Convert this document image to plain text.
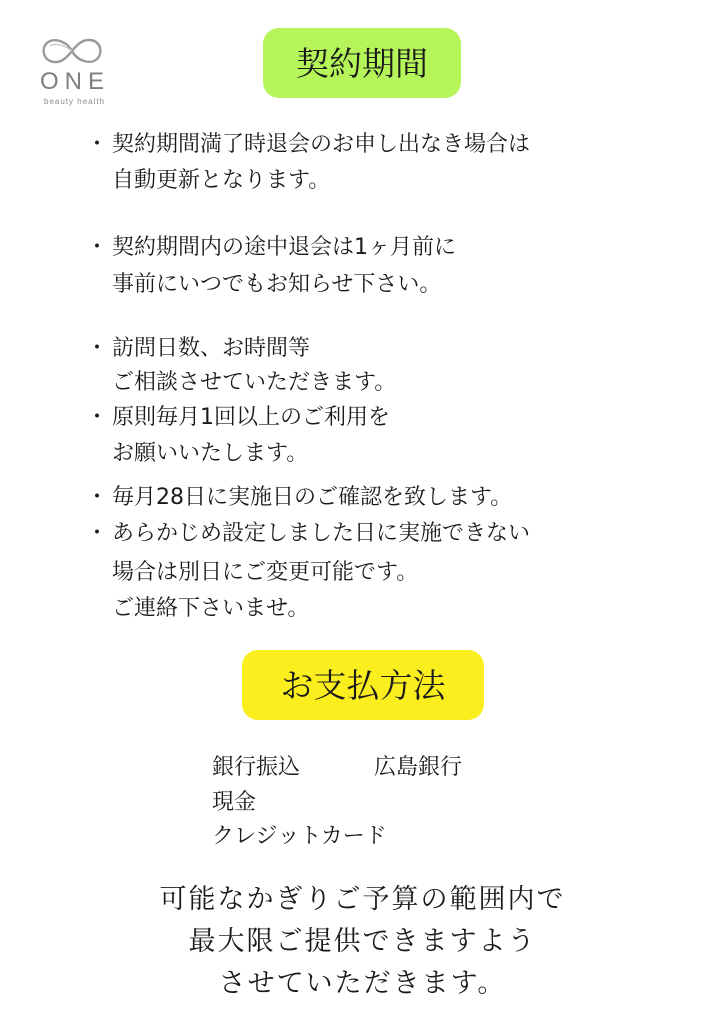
ONE
beauty health
契約期間
・ 契約期間満了時退会のお申し出なき場合は
自動更新となります。
・ 契約期間内の途中退会は1ヶ月前に
事前にいつでもお知らせ下さい。
・ 訪問日数、お時間等
ご相談させていただきます。
・ 原則毎月1回以上のご利用を
お願いいたします。
・ 毎月28日に実施日のご確認を致します。
・ あらかじめ設定しました日に実施できない
場合は別日にご変更可能です。
ご連絡下さいませ。
お支払方法
銀行振込	広島銀行
現金
クレジットカード
可能なかぎりご予算の範囲内で
最大限ご提供できますよう
させていただきます。
